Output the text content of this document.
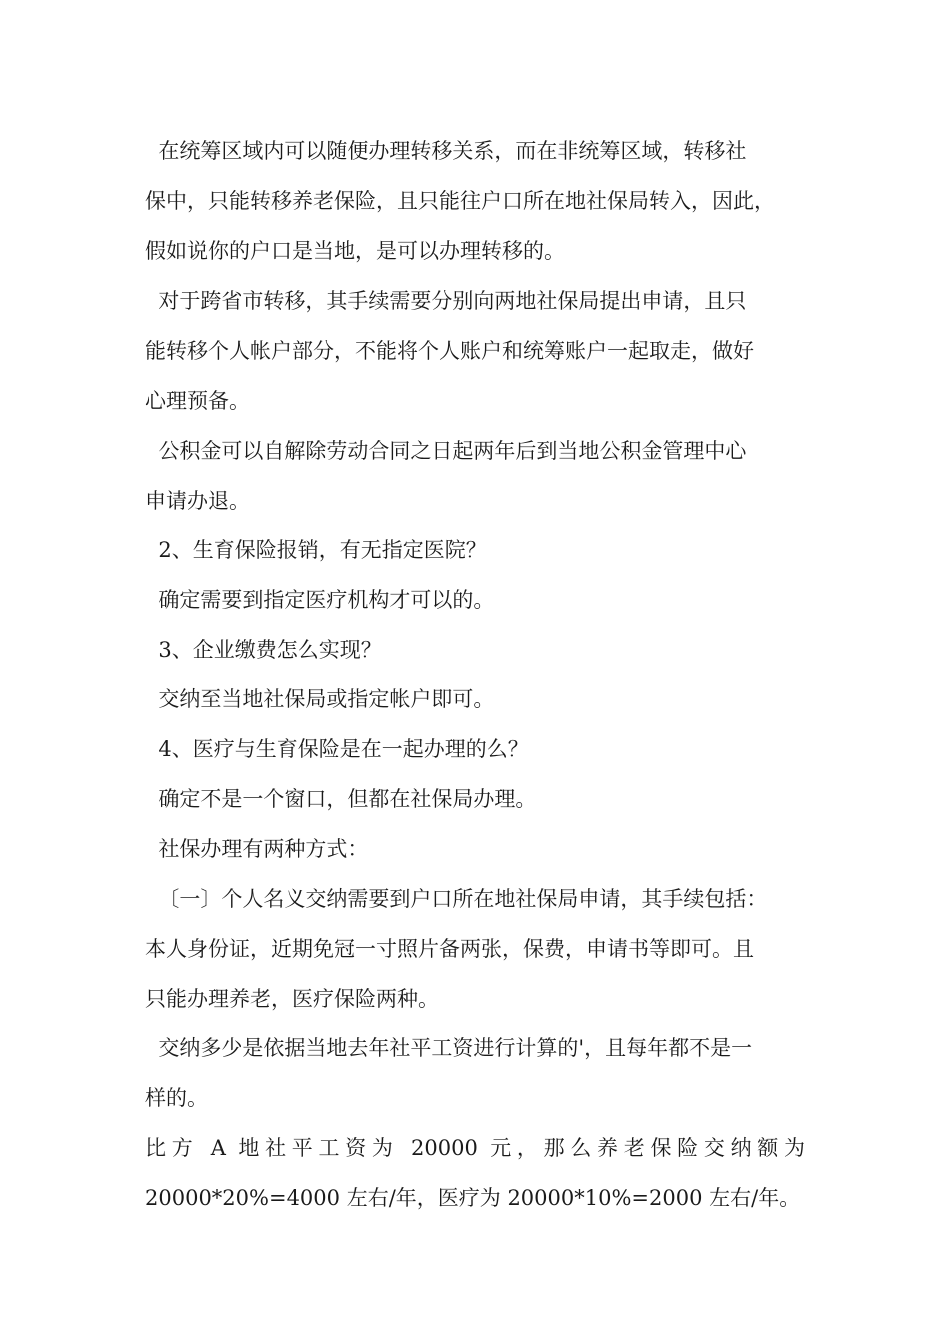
在统筹区域内可以随便办理转移关系，而在非统筹区域，转移社
保中，只能转移养老保险，且只能往户口所在地社保局转入，因此，
假如说你的户口是当地，是可以办理转移的。
对于跨省市转移，其手续需要分别向两地社保局提出申请，且只
能转移个人帐户部分，不能将个人账户和统筹账户一起取走，做好
心理预备。
公积金可以自解除劳动合同之日起两年后到当地公积金管理中心
申请办退。
2、生育保险报销，有无指定医院？
确定需要到指定医疗机构才可以的。
3、企业缴费怎么实现？
交纳至当地社保局或指定帐户即可。
4、医疗与生育保险是在一起办理的么？
确定不是一个窗口，但都在社保局办理。
社保办理有两种方式：
〔一〕个人名义交纳需要到户口所在地社保局申请，其手续包括：
本人身份证，近期免冠一寸照片备两张，保费，申请书等即可。且
只能办理养老，医疗保险两种。
交纳多少是依据当地去年社平工资进行计算的'，且每年都不是一
样的。
比方 A 地社平工资为 20000 元，那么养老保险交纳额为
20000*20%=4000 左右/年，医疗为 20000*10%=2000 左右/年。
